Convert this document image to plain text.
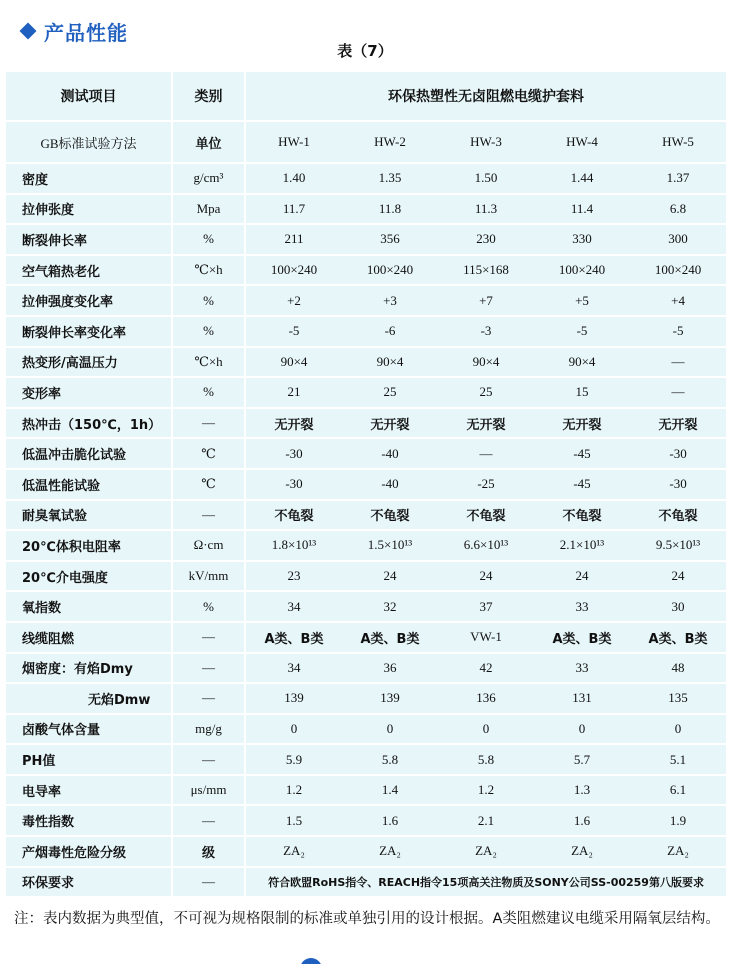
产品性能
表（7）
测试项目	类别	环保热塑性无卤阻燃电缆护套料				
GB标准试验方法	单位	HW-1	HW-2	HW-3	HW-4	HW-5
密度	g/cm³	1.40	1.35	1.50	1.44	1.37
拉伸张度	Mpa	11.7	11.8	11.3	11.4	6.8
断裂伸长率	%	211	356	230	330	300
空气箱热老化	℃×h	100×240	100×240	115×168	100×240	100×240
拉伸强度变化率	%	+2	+3	+7	+5	+4
断裂伸长率变化率	%	-5	-6	-3	-5	-5
热变形/高温压力	℃×h	90×4	90×4	90×4	90×4	—
变形率	%	21	25	25	15	—
热冲击（150℃，1h）	—	无开裂	无开裂	无开裂	无开裂	无开裂
低温冲击脆化试验	℃	-30	-40	—	-45	-30
低温性能试验	℃	-30	-40	-25	-45	-30
耐臭氧试验	—	不龟裂	不龟裂	不龟裂	不龟裂	不龟裂
20℃体积电阻率	Ω·cm	1.8×10¹³	1.5×10¹³	6.6×10¹³	2.1×10¹³	9.5×10¹³
20℃介电强度	kV/mm	23	24	24	24	24
氧指数	%	34	32	37	33	30
线缆阻燃	—	A类、B类	A类、B类	VW-1	A类、B类	A类、B类
烟密度：有焰Dmy	—	34	36	42	33	48
无焰Dmw	—	139	139	136	131	135
卤酸气体含量	mg/g	0	0	0	0	0
PH值	—	5.9	5.8	5.8	5.7	5.1
电导率	μs/mm	1.2	1.4	1.2	1.3	6.1
毒性指数	—	1.5	1.6	2.1	1.6	1.9
产烟毒性危险分级	级	ZA₂	ZA₂	ZA₂	ZA₂	ZA₂
环保要求	—	符合欧盟RoHS指令、REACH指令15项高关注物质及SONY公司SS-00259第八版要求				
注：表内数据为典型值，不可视为规格限制的标准或单独引用的设计根据。A类阻燃建议电缆采用隔氧层结构。
